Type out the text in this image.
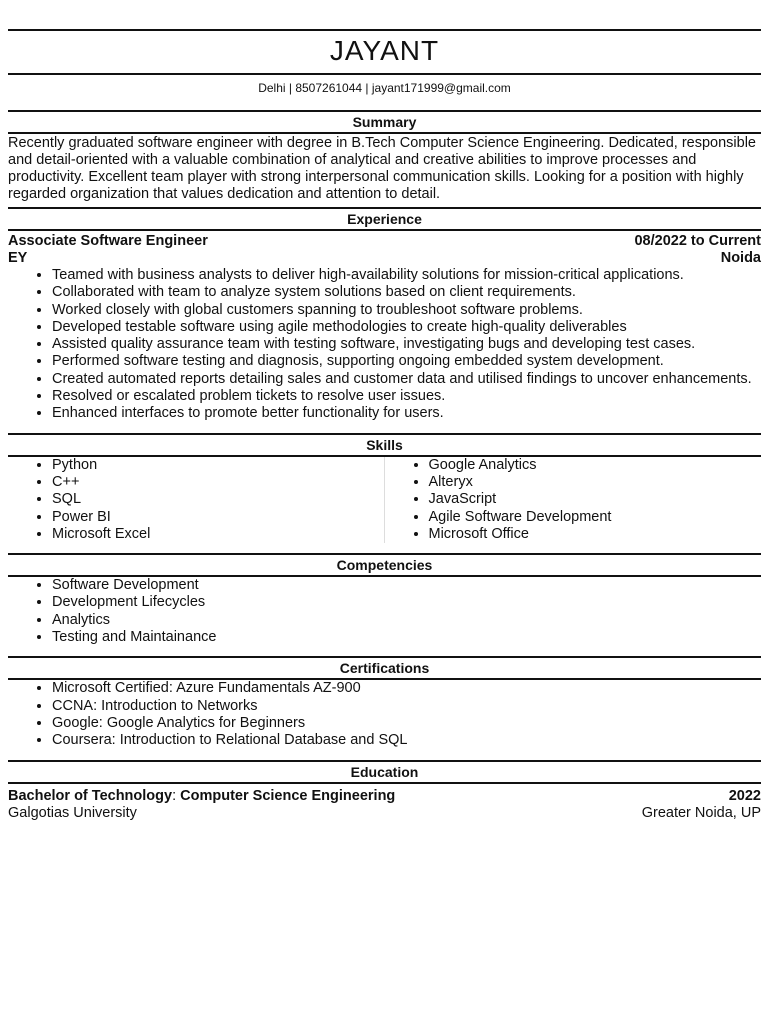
JAYANT
Delhi | 8507261044 | jayant171999@gmail.com
Summary
Recently graduated software engineer with degree in B.Tech Computer Science Engineering. Dedicated, responsible and detail-oriented with a valuable combination of analytical and creative abilities to improve processes and productivity. Excellent team player with strong interpersonal communication skills. Looking for a position with highly regarded organization that values dedication and attention to detail.
Experience
Associate Software Engineer	08/2022 to Current
EY	Noida
• Teamed with business analysts to deliver high-availability solutions for mission-critical applications.
• Collaborated with team to analyze system solutions based on client requirements.
• Worked closely with global customers spanning to troubleshoot software problems.
• Developed testable software using agile methodologies to create high-quality deliverables
• Assisted quality assurance team with testing software, investigating bugs and developing test cases.
• Performed software testing and diagnosis, supporting ongoing embedded system development.
• Created automated reports detailing sales and customer data and utilised findings to uncover enhancements.
• Resolved or escalated problem tickets to resolve user issues.
• Enhanced interfaces to promote better functionality for users.
Skills
• Python
• C++
• SQL
• Power BI
• Microsoft Excel
• Google Analytics
• Alteryx
• JavaScript
• Agile Software Development
• Microsoft Office
Competencies
• Software Development
• Development Lifecycles
• Analytics
• Testing and Maintainance
Certifications
• Microsoft Certified: Azure Fundamentals AZ-900
• CCNA: Introduction to Networks
• Google: Google Analytics for Beginners
• Coursera: Introduction to Relational Database and SQL
Education
Bachelor of Technology: Computer Science Engineering	2022
Galgotias University	Greater Noida, UP
